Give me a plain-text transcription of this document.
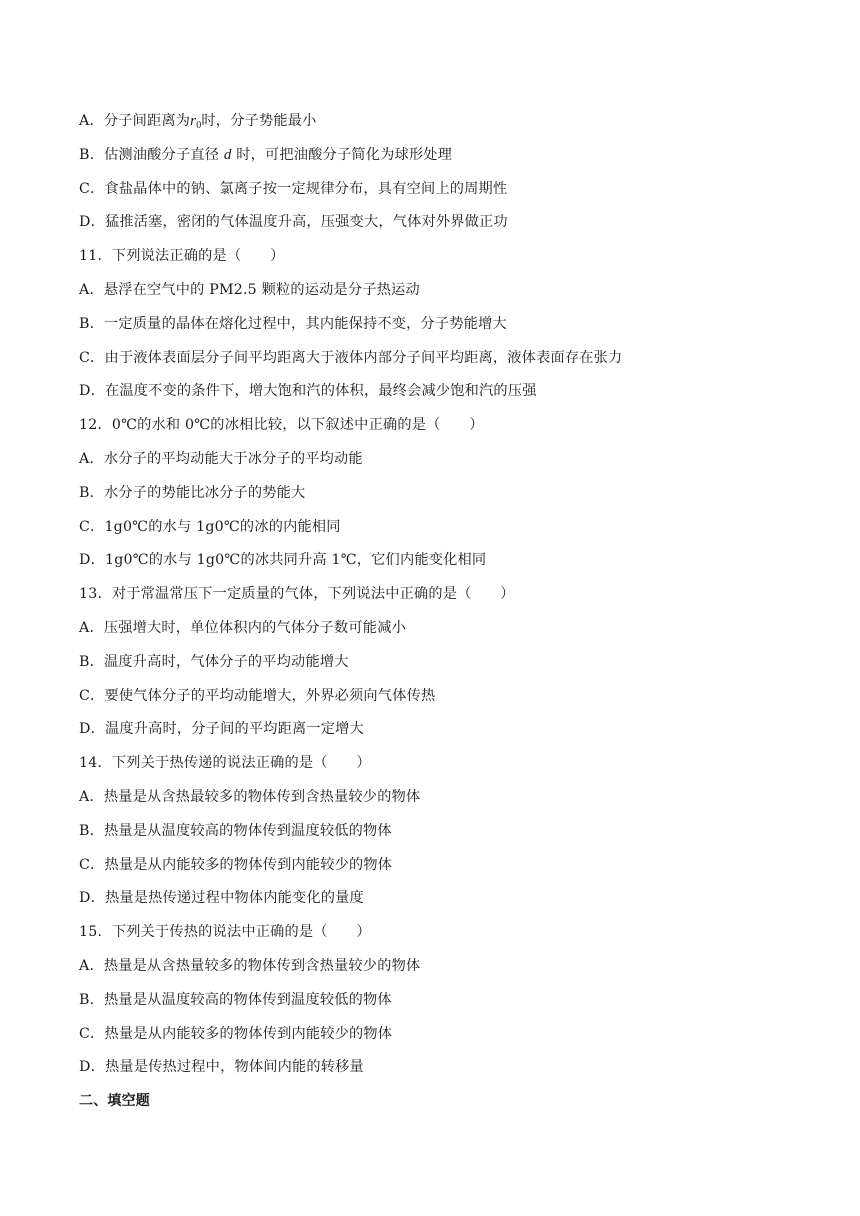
A．分子间距离为$r_0$时，分子势能最小
B．估测油酸分子直径 d 时，可把油酸分子简化为球形处理
C．食盐晶体中的钠、氯离子按一定规律分布，具有空间上的周期性
D．猛推活塞，密闭的气体温度升高，压强变大，气体对外界做正功
11．下列说法正确的是（　　）
A．悬浮在空气中的 PM2.5 颗粒的运动是分子热运动
B．一定质量的晶体在熔化过程中，其内能保持不变，分子势能增大
C．由于液体表面层分子间平均距离大于液体内部分子间平均距离，液体表面存在张力
D．在温度不变的条件下，增大饱和汽的体积，最终会减少饱和汽的压强
12．0℃的水和 0℃的冰相比较，以下叙述中正确的是（　　）
A．水分子的平均动能大于冰分子的平均动能
B．水分子的势能比冰分子的势能大
C．1g0℃的水与 1g0℃的冰的内能相同
D．1g0℃的水与 1g0℃的冰共同升高 1℃，它们内能变化相同
13．对于常温常压下一定质量的气体，下列说法中正确的是（　　）
A．压强增大时，单位体积内的气体分子数可能减小
B．温度升高时，气体分子的平均动能增大
C．要使气体分子的平均动能增大，外界必须向气体传热
D．温度升高时，分子间的平均距离一定增大
14．下列关于热传递的说法正确的是（　　）
A．热量是从含热最较多的物体传到含热量较少的物体
B．热量是从温度较高的物体传到温度较低的物体
C．热量是从内能较多的物体传到内能较少的物体
D．热量是热传递过程中物体内能变化的量度
15．下列关于传热的说法中正确的是（　　）
A．热量是从含热量较多的物体传到含热量较少的物体
B．热量是从温度较高的物体传到温度较低的物体
C．热量是从内能较多的物体传到内能较少的物体
D．热量是传热过程中，物体间内能的转移量
二、填空题
